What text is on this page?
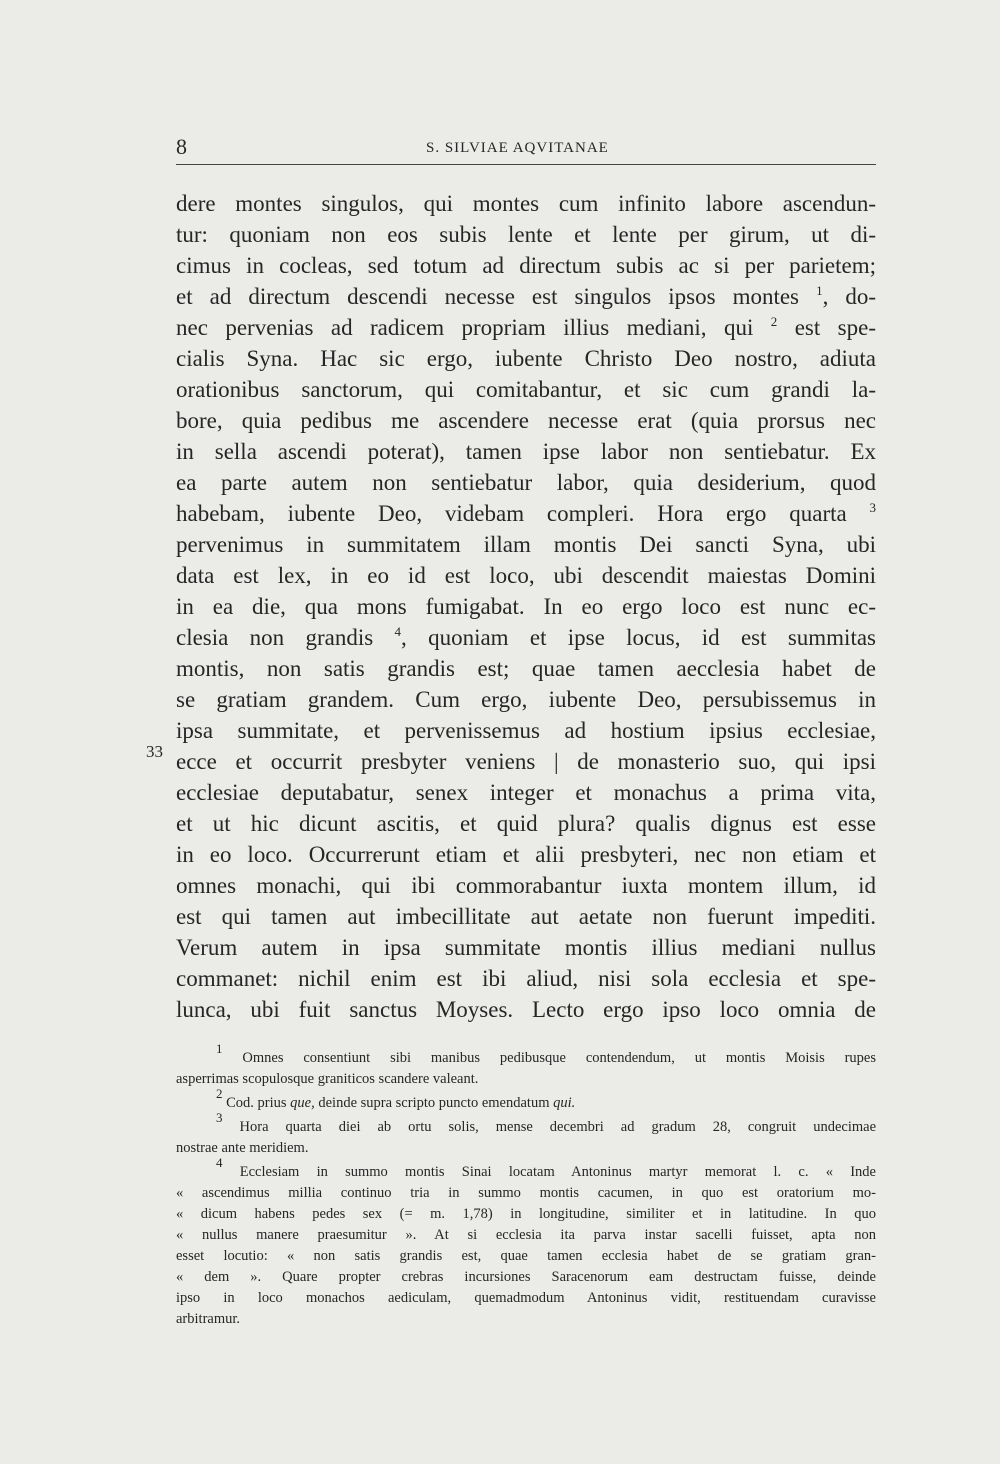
8	S. SILVIAE AQVITANAE
33
dere montes singulos, qui montes cum infinito labore ascendun-
tur: quoniam non eos subis lente et lente per girum, ut di-
cimus in cocleas, sed totum ad directum subis ac si per parietem;
et ad directum descendi necesse est singulos ipsos montes $^1$, do-
nec pervenias ad radicem propriam illius mediani, qui $^2$ est spe-
cialis Syna. Hac sic ergo, iubente Christo Deo nostro, adiuta
orationibus sanctorum, qui comitabantur, et sic cum grandi la-
bore, quia pedibus me ascendere necesse erat (quia prorsus nec
in sella ascendi poterat), tamen ipse labor non sentiebatur. Ex
ea parte autem non sentiebatur labor, quia desiderium, quod
habebam, iubente Deo, videbam compleri. Hora ergo quarta $^3$
pervenimus in summitatem illam montis Dei sancti Syna, ubi
data est lex, in eo id est loco, ubi descendit maiestas Domini
in ea die, qua mons fumigabat. In eo ergo loco est nunc ec-
clesia non grandis $^4$, quoniam et ipse locus, id est summitas
montis, non satis grandis est; quae tamen aecclesia habet de
se gratiam grandem. Cum ergo, iubente Deo, persubissemus in
ipsa summitate, et pervenissemus ad hostium ipsius ecclesiae,
ecce et occurrit presbyter veniens | de monasterio suo, qui ipsi
ecclesiae deputabatur, senex integer et monachus a prima vita,
et ut hic dicunt ascitis, et quid plura? qualis dignus est esse
in eo loco. Occurrerunt etiam et alii presbyteri, nec non etiam et
omnes monachi, qui ibi commorabantur iuxta montem illum, id
est qui tamen aut imbecillitate aut aetate non fuerunt impediti.
Verum autem in ipsa summitate montis illius mediani nullus
commanet: nichil enim est ibi aliud, nisi sola ecclesia et spe-
lunca, ubi fuit sanctus Moyses. Lecto ergo ipso loco omnia de
$^1$ Omnes consentiunt sibi manibus pedibusque contendendum, ut montis Moisis rupes
asperrimas scopulosque graniticos scandere valeant.
$^2$ Cod. prius que, deinde supra scripto puncto emendatum qui.
$^3$ Hora quarta diei ab ortu solis, mense decembri ad gradum 28, congruit undecimae
nostrae ante meridiem.
$^4$ Ecclesiam in summo montis Sinai locatam Antoninus martyr memorat l. c. « Inde
« ascendimus millia continuo tria in summo montis cacumen, in quo est oratorium mo-
« dicum habens pedes sex (= m. 1,78) in longitudine, similiter et in latitudine. In quo
« nullus manere praesumitur ». At si ecclesia ita parva instar sacelli fuisset, apta non
esset locutio: « non satis grandis est, quae tamen ecclesia habet de se gratiam gran-
« dem ». Quare propter crebras incursiones Saracenorum eam destructam fuisse, deinde
ipso in loco monachos aediculam, quemadmodum Antoninus vidit, restituendam curavisse
arbitramur.
